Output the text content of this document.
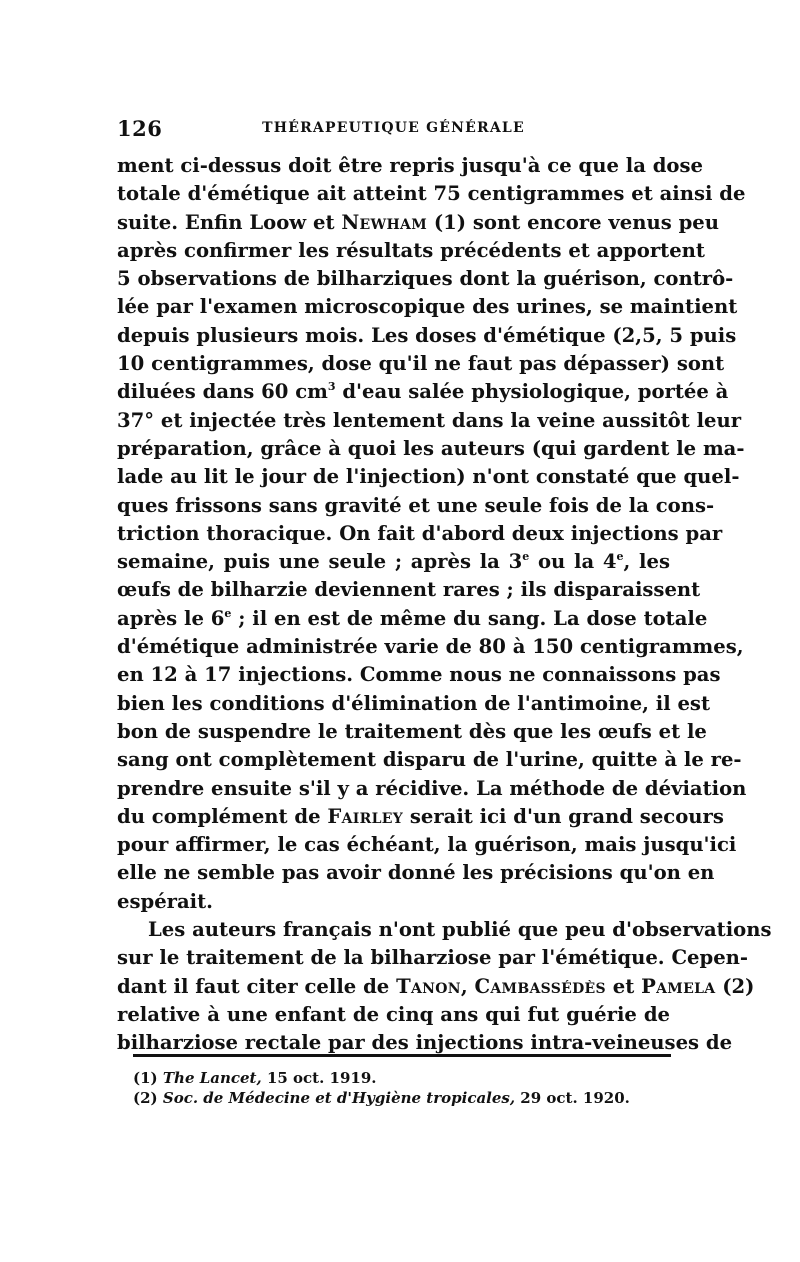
126	THÉRAPEUTIQUE GÉNÉRALE
ment ci-dessus doit être repris jusqu'à ce que la dose
totale d'émétique ait atteint 75 centigrammes et ainsi de
suite. Enfin Loow et Newham (1) sont encore venus peu
après confirmer les résultats précédents et apportent
5 observations de bilharziques dont la guérison, contrô-
lée par l'examen microscopique des urines, se maintient
depuis plusieurs mois. Les doses d'émétique (2,5, 5 puis
10 centigrammes, dose qu'il ne faut pas dépasser) sont
diluées dans 60 $cm^3$ d'eau salée physiologique, portée à
37° et injectée très lentement dans la veine aussitôt leur
préparation, grâce à quoi les auteurs (qui gardent le ma-
lade au lit le jour de l'injection) n'ont constaté que quel-
ques frissons sans gravité et une seule fois de la cons-
triction thoracique. On fait d'abord deux injections par
semaine, puis une seule ; après la 3e ou la 4e, les
œufs de bilharzie deviennent rares ; ils disparaissent
après le 6e ; il en est de même du sang. La dose totale
d'émétique administrée varie de 80 à 150 centigrammes,
en 12 à 17 injections. Comme nous ne connaissons pas
bien les conditions d'élimination de l'antimoine, il est
bon de suspendre le traitement dès que les œufs et le
sang ont complètement disparu de l'urine, quitte à le re-
prendre ensuite s'il y a récidive. La méthode de déviation
du complément de Fairley serait ici d'un grand secours
pour affirmer, le cas échéant, la guérison, mais jusqu'ici
elle ne semble pas avoir donné les précisions qu'on en
espérait.
Les auteurs français n'ont publié que peu d'observations
sur le traitement de la bilharziose par l'émétique. Cepen-
dant il faut citer celle de Tanon, Cambassédès et Pamela (2)
relative à une enfant de cinq ans qui fut guérie de
bilharziose rectale par des injections intra-veineuses de
(1) The Lancet, 15 oct. 1919.
(2) Soc. de Médecine et d'Hygiène tropicales, 29 oct. 1920.
